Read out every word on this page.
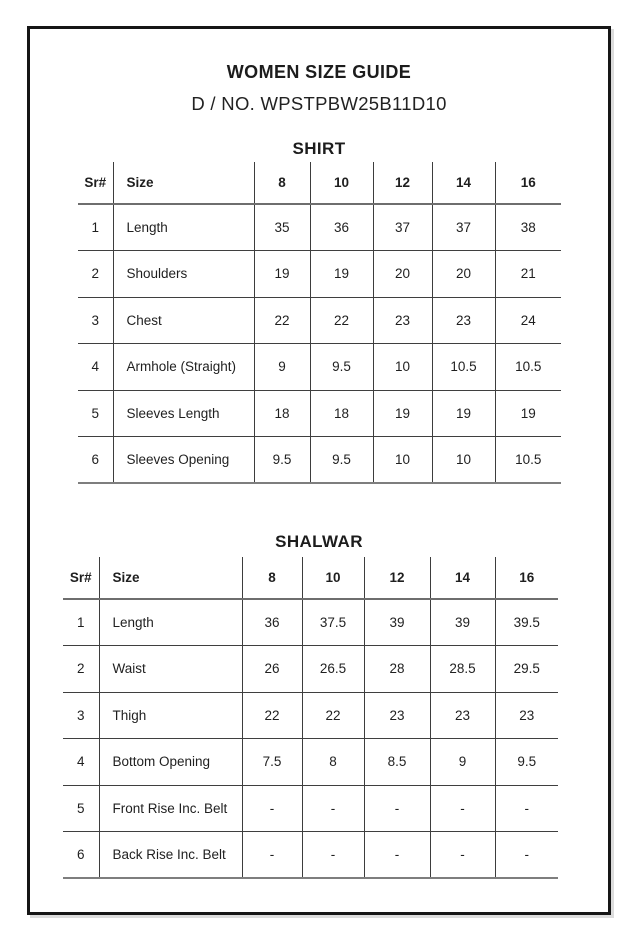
WOMEN SIZE GUIDE
D / NO. WPSTPBW25B11D10
SHIRT
Sr#	Size	8	10	12	14	16
1	Length	35	36	37	37	38
2	Shoulders	19	19	20	20	21
3	Chest	22	22	23	23	24
4	Armhole (Straight)	9	9.5	10	10.5	10.5
5	Sleeves Length	18	18	19	19	19
6	Sleeves Opening	9.5	9.5	10	10	10.5
SHALWAR
Sr#	Size	8	10	12	14	16
1	Length	36	37.5	39	39	39.5
2	Waist	26	26.5	28	28.5	29.5
3	Thigh	22	22	23	23	23
4	Bottom Opening	7.5	8	8.5	9	9.5
5	Front Rise Inc. Belt	-	-	-	-	-
6	Back Rise Inc. Belt	-	-	-	-	-
